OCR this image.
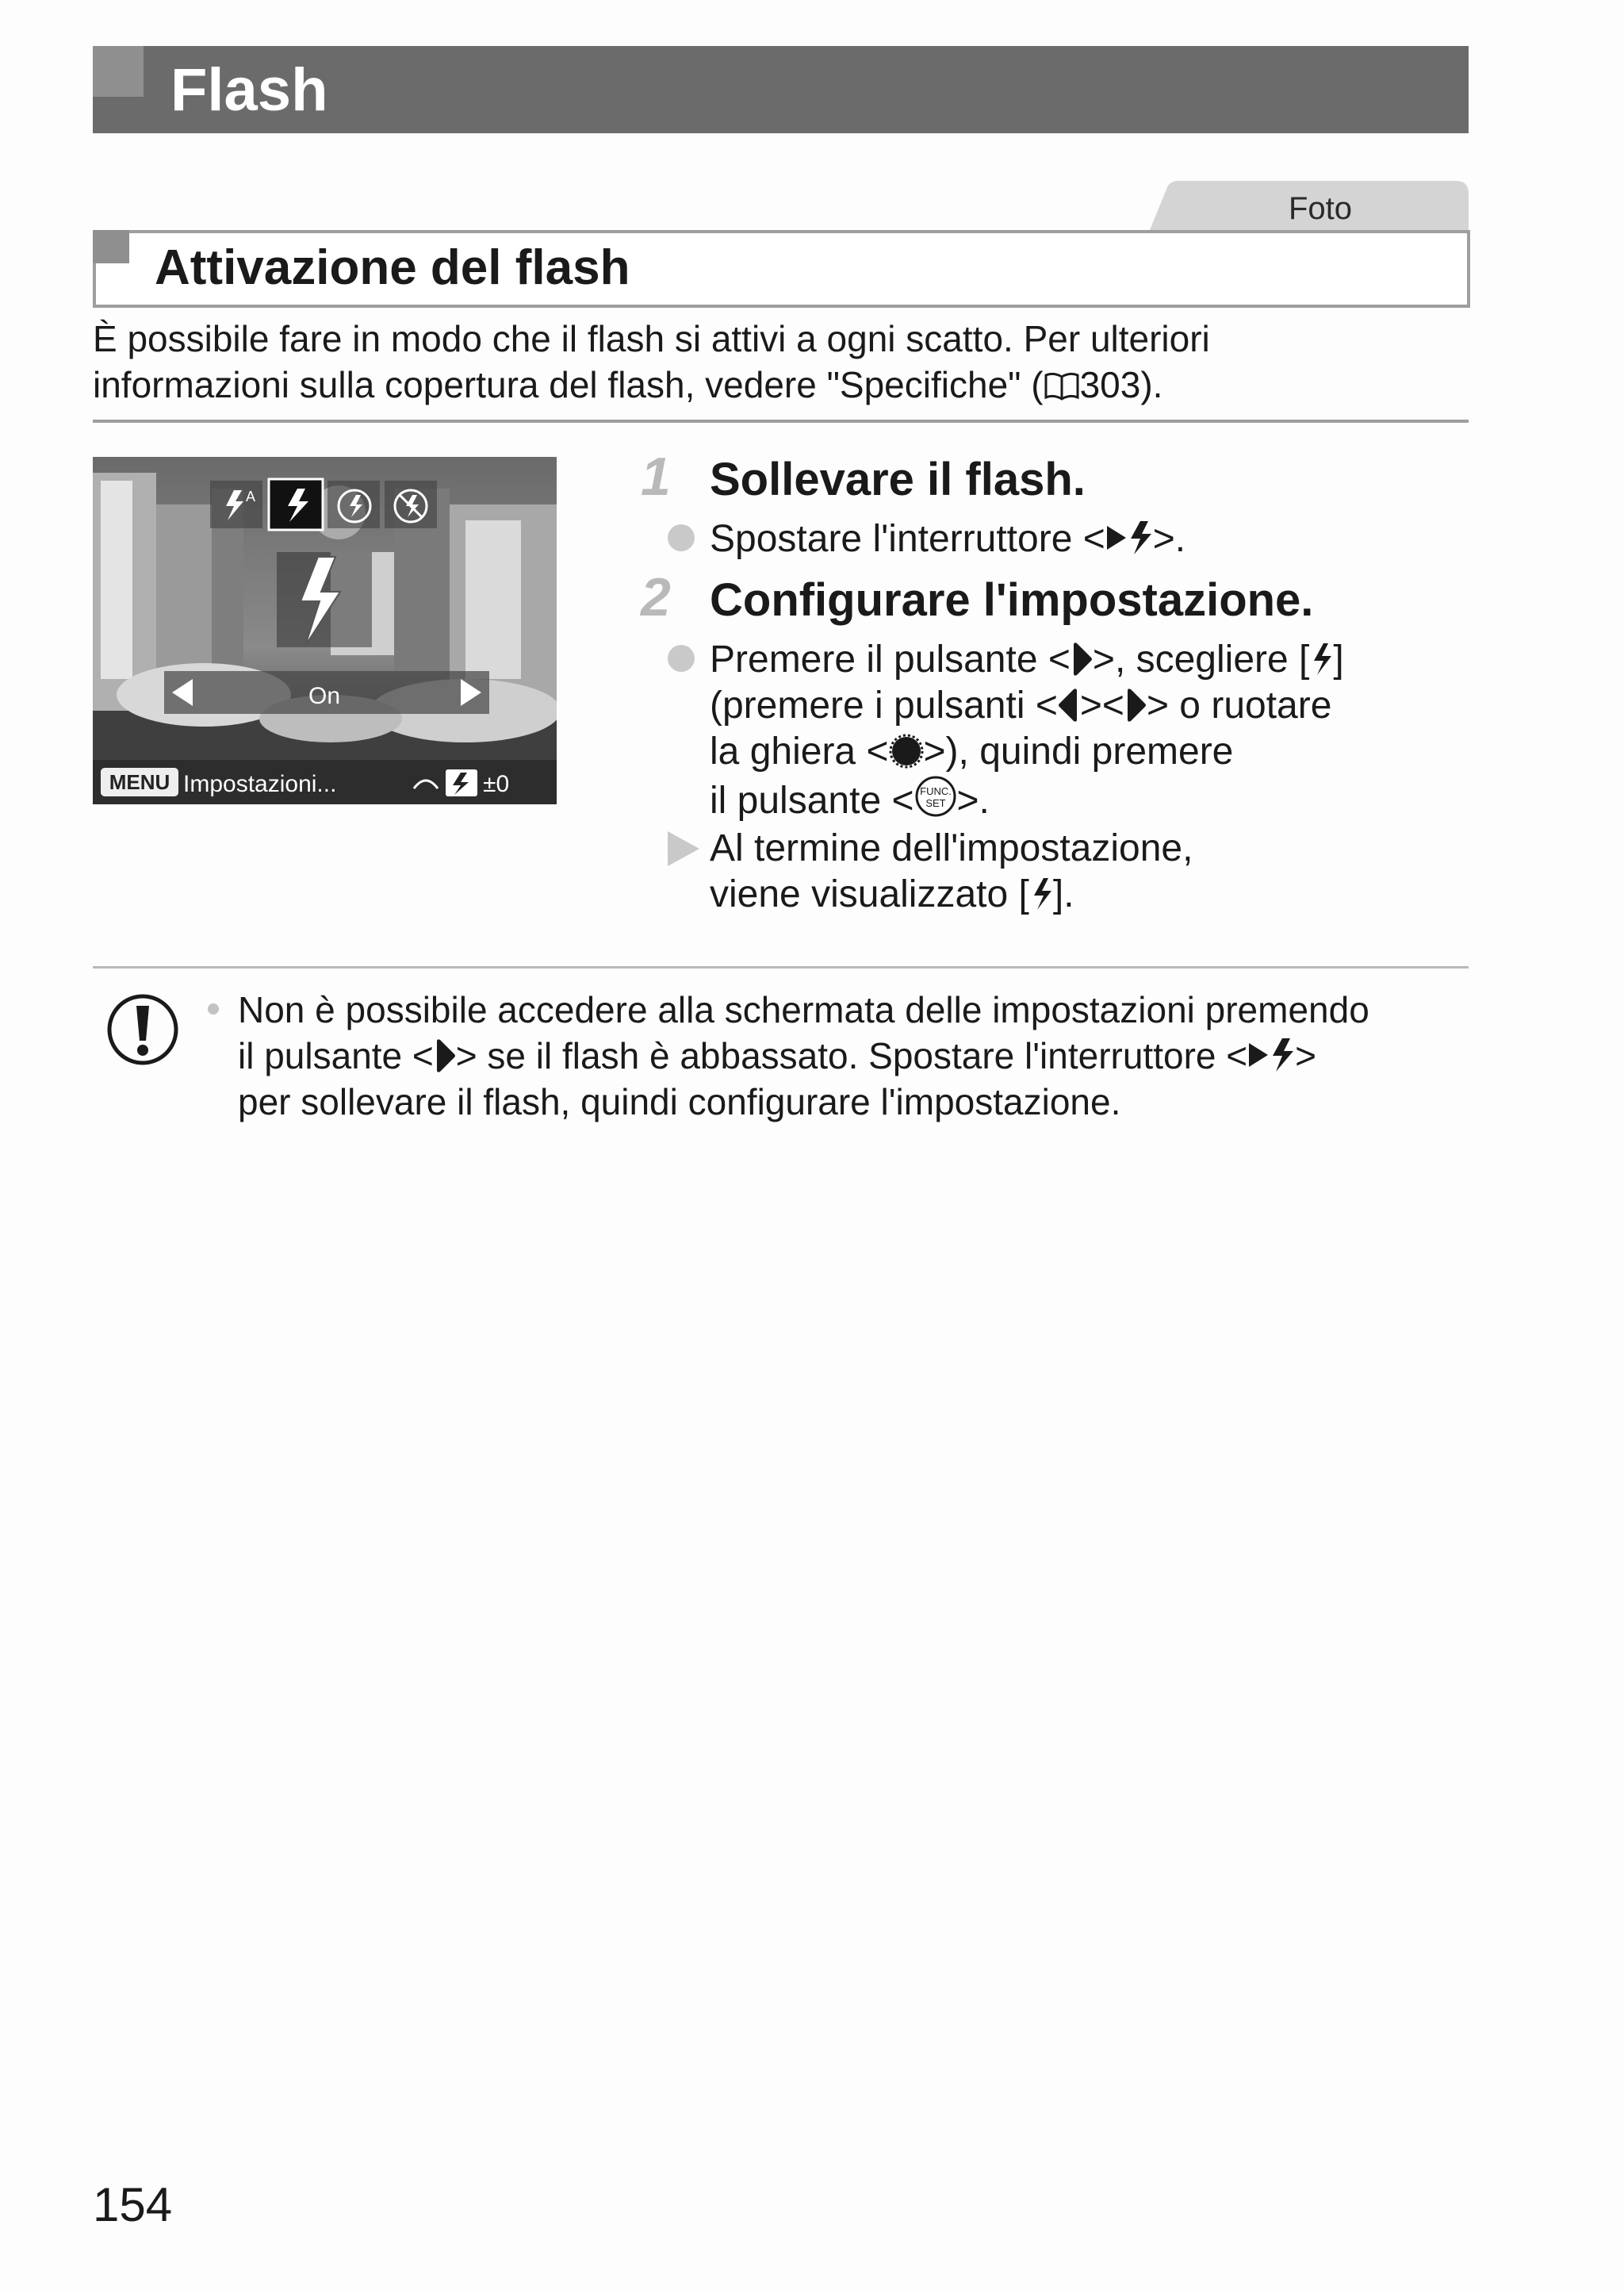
Flash
Foto
Attivazione del flash
È possibile fare in modo che il flash si attivi a ogni scatto. Per ulteriori
informazioni sulla copertura del flash, vedere "Specifiche" ( 303).
A
On
MENU Impostazioni...	±0
1 Sollevare il flash.
Spostare l'interruttore < >.
2 Configurare l'impostazione.
Premere il pulsante < >, scegliere [ ]
(premere i pulsanti < >< > o ruotare
la ghiera < >), quindi premere
il pulsante < FUNC.
SET >.
Al termine dell'impostazione,
viene visualizzato [ ].
Non è possibile accedere alla schermata delle impostazioni premendo
il pulsante < > se il flash è abbassato. Spostare l'interruttore < >
per sollevare il flash, quindi configurare l'impostazione.
154
